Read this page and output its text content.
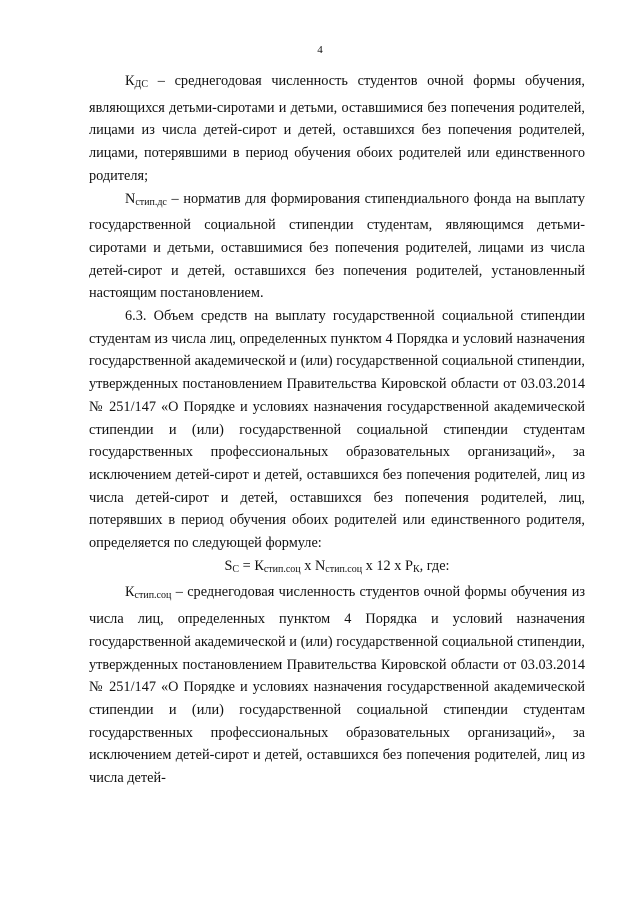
4

$К_{ДС}$ – среднегодовая численность студентов очной формы обучения, являющихся детьми-сиротами и детьми, оставшимися без попечения родителей, лицами из числа детей-сирот и детей, оставшихся без попечения родителей, лицами, потерявшими в период обучения обоих родителей или единственного родителя;

$N_{стип.дс}$ – норматив для формирования стипендиального фонда на выплату государственной социальной стипендии студентам, являющимся детьми-сиротами и детьми, оставшимися без попечения родителей, лицами из числа детей-сирот и детей, оставшихся без попечения родителей, установленный настоящим постановлением.

6.3. Объем средств на выплату государственной социальной стипендии студентам из числа лиц, определенных пунктом 4 Порядка и условий назначения государственной академической и (или) государственной социальной стипендии, утвержденных постановлением Правительства Кировской области от 03.03.2014 № 251/147 «О Порядке и условиях назначения государственной академической стипендии и (или) государственной социальной стипендии студентам государственных профессиональных образовательных организаций», за исключением детей-сирот и детей, оставшихся без попечения родителей, лиц из числа детей-сирот и детей, оставшихся без попечения родителей, лиц, потерявших в период обучения обоих родителей или единственного родителя, определяется по следующей формуле:

$S_С = К_{стип.соц}$ x $N_{стип.соц}$ x 12 x $Р_К$, где:

$К_{стип.соц}$ – среднегодовая численность студентов очной формы обучения из числа лиц, определенных пунктом 4 Порядка и условий назначения государственной академической и (или) государственной социальной стипендии, утвержденных постановлением Правительства Кировской области от 03.03.2014 № 251/147 «О Порядке и условиях назначения государственной академической стипендии и (или) государственной социальной стипендии студентам государственных профессиональных образовательных организаций», за исключением детей-сирот и детей, оставшихся без попечения родителей, лиц из числа детей-
